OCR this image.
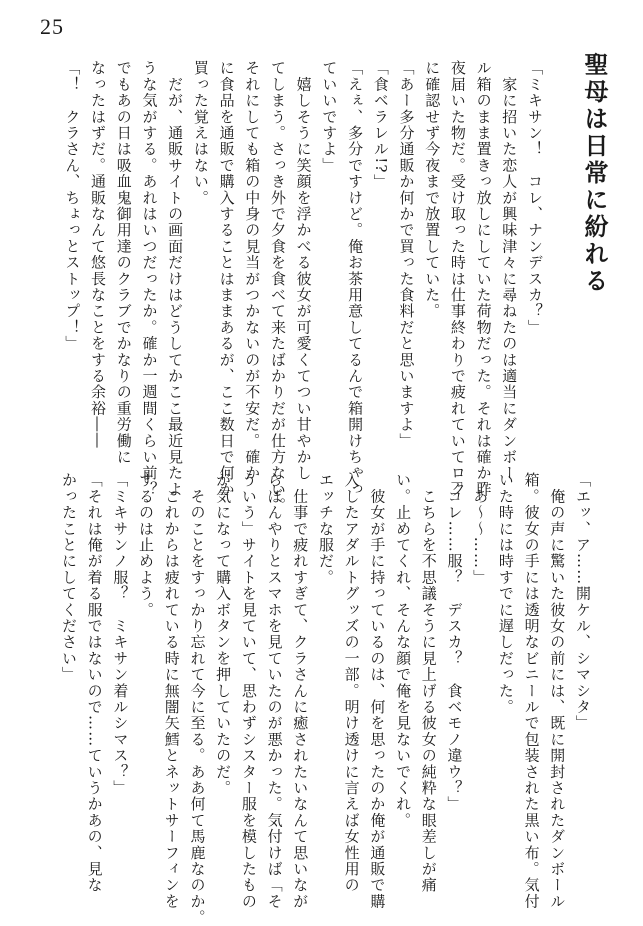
25
聖母は日常に紛れる
「ミキサン！　コレ、ナンデスカ？」
　家に招いた恋人が興味津々に尋ねたのは適当にダンボー
ル箱のまま置きっ放しにしていた荷物だった。それは確か昨
夜届いた物だ。受け取った時は仕事終わりで疲れていてロク
に確認せず今夜まで放置していた。
「あー多分通販か何かで買った食料だと思いますよ」
「食ベラレル!?」
「えぇ、多分ですけど。俺お茶用意してるんで箱開けちゃっ
ていいですよ」
　嬉しそうに笑顔を浮かべる彼女が可愛くてつい甘やかし
てしまう。さっき外で夕食を食べて来たばかりだが仕方ない。
それにしても箱の中身の見当がつかないのが不安だ。確か
に食品を通販で購入することはままあるが、ここ数日で何か
買った覚えはない。
　だが、通販サイトの画面だけはどうしてかここ最近見たよ
うな気がする。あれはいつだったか。確か一週間くらい前？
でもあの日は吸血鬼御用達のクラブでかなりの重労働に
なったはずだ。通販なんて悠長なことをする余裕――
「！　クラさん、ちょっとストップ！」
「エッ、ア……開ケル、シマシタ」
　俺の声に驚いた彼女の前には、既に開封されたダンボール
箱。彼女の手には透明なビニールで包装された黒い布。気付
いた時には時すでに遅しだった。
「あ～～……」
「コレ……服？　デスカ？　食ベモノ違ウ？」
　こちらを不思議そうに見上げる彼女の純粋な眼差しが痛
い。止めてくれ、そんな顔で俺を見ないでくれ。
　彼女が手に持っているのは、何を思ったのか俺が通販で購
入したアダルトグッズの一部。明け透けに言えば女性用の
エッチな服だ。
　仕事で疲れすぎて、クラさんに癒されたいなんて思いなが
らぼんやりとスマホを見ていたのが悪かった。気付けば「そ
ういう」サイトを見ていて、思わずシスター服を模したもの
が気になって購入ボタンを押していたのだ。
　そのことをすっかり忘れて今に至る。ああ何て馬鹿なのか。
　これからは疲れている時に無闇矢鱈とネットサーフィンを
するのは止めよう。
「ミキサンノ服？　ミキサン着ルシマス？」
「それは俺が着る服ではないので……ていうかあの、見な
かったことにしてください」
